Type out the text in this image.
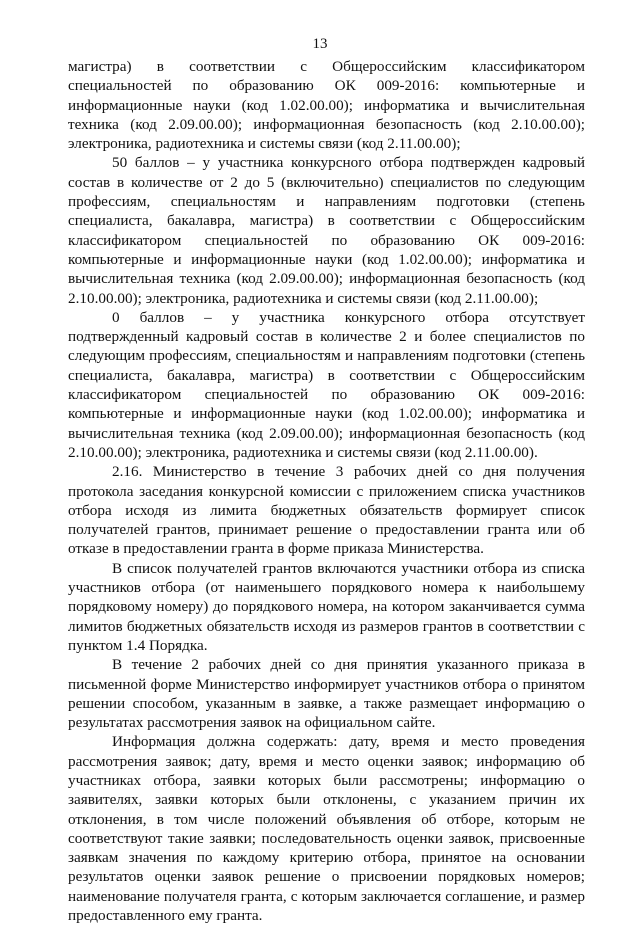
13

магистра) в соответствии с Общероссийским классификатором специальностей по образованию ОК 009-2016: компьютерные и информационные науки (код 1.02.00.00); информатика и вычислительная техника (код 2.09.00.00); информационная безопасность (код 2.10.00.00); электроника, радиотехника и системы связи (код 2.11.00.00);

50 баллов – у участника конкурсного отбора подтвержден кадровый состав в количестве от 2 до 5 (включительно) специалистов по следующим профессиям, специальностям и направлениям подготовки (степень специалиста, бакалавра, магистра) в соответствии с Общероссийским классификатором специальностей по образованию ОК 009-2016: компьютерные и информационные науки (код 1.02.00.00); информатика и вычислительная техника (код 2.09.00.00); информационная безопасность (код 2.10.00.00); электроника, радиотехника и системы связи (код 2.11.00.00);

0 баллов – у участника конкурсного отбора отсутствует подтвержденный кадровый состав в количестве 2 и более специалистов по следующим профессиям, специальностям и направлениям подготовки (степень специалиста, бакалавра, магистра) в соответствии с Общероссийским классификатором специальностей по образованию ОК 009-2016: компьютерные и информационные науки (код 1.02.00.00); информатика и вычислительная техника (код 2.09.00.00); информационная безопасность (код 2.10.00.00); электроника, радиотехника и системы связи (код 2.11.00.00).

2.16. Министерство в течение 3 рабочих дней со дня получения протокола заседания конкурсной комиссии с приложением списка участников отбора исходя из лимита бюджетных обязательств формирует список получателей грантов, принимает решение о предоставлении гранта или об отказе в предоставлении гранта в форме приказа Министерства.

В список получателей грантов включаются участники отбора из списка участников отбора (от наименьшего порядкового номера к наибольшему порядковому номеру) до порядкового номера, на котором заканчивается сумма лимитов бюджетных обязательств исходя из размеров грантов в соответствии с пунктом 1.4 Порядка.

В течение 2 рабочих дней со дня принятия указанного приказа в письменной форме Министерство информирует участников отбора о принятом решении способом, указанным в заявке, а также размещает информацию о результатах рассмотрения заявок на официальном сайте.

Информация должна содержать: дату, время и место проведения рассмотрения заявок; дату, время и место оценки заявок; информацию об участниках отбора, заявки которых были рассмотрены; информацию о заявителях, заявки которых были отклонены, с указанием причин их отклонения, в том числе положений объявления об отборе, которым не соответствуют такие заявки; последовательность оценки заявок, присвоенные заявкам значения по каждому критерию отбора, принятое на основании результатов оценки заявок решение о присвоении порядковых номеров; наименование получателя гранта, с которым заключается соглашение, и размер предоставленного ему гранта.
